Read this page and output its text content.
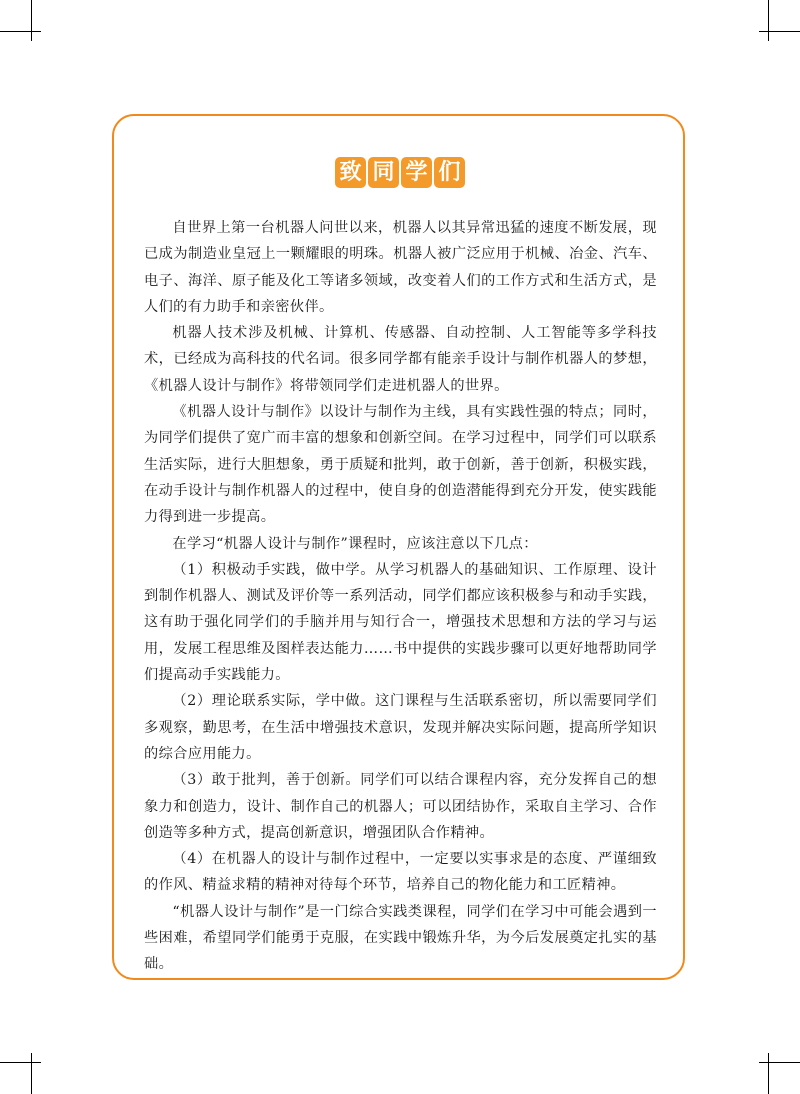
致 同 学 们

自世界上第一台机器人问世以来，机器人以其异常迅猛的速度不断发展，现已成为制造业皇冠上一颗耀眼的明珠。机器人被广泛应用于机械、冶金、汽车、电子、海洋、原子能及化工等诸多领域，改变着人们的工作方式和生活方式，是人们的有力助手和亲密伙伴。

机器人技术涉及机械、计算机、传感器、自动控制、人工智能等多学科技术，已经成为高科技的代名词。很多同学都有能亲手设计与制作机器人的梦想，《机器人设计与制作》将带领同学们走进机器人的世界。

《机器人设计与制作》以设计与制作为主线，具有实践性强的特点；同时，为同学们提供了宽广而丰富的想象和创新空间。在学习过程中，同学们可以联系生活实际，进行大胆想象，勇于质疑和批判，敢于创新，善于创新，积极实践，在动手设计与制作机器人的过程中，使自身的创造潜能得到充分开发，使实践能力得到进一步提高。

在学习“机器人设计与制作”课程时，应该注意以下几点：

（1）积极动手实践，做中学。从学习机器人的基础知识、工作原理、设计到制作机器人、测试及评价等一系列活动，同学们都应该积极参与和动手实践，这有助于强化同学们的手脑并用与知行合一，增强技术思想和方法的学习与运用，发展工程思维及图样表达能力……书中提供的实践步骤可以更好地帮助同学们提高动手实践能力。

（2）理论联系实际，学中做。这门课程与生活联系密切，所以需要同学们多观察，勤思考，在生活中增强技术意识，发现并解决实际问题，提高所学知识的综合应用能力。

（3）敢于批判，善于创新。同学们可以结合课程内容，充分发挥自己的想象力和创造力，设计、制作自己的机器人；可以团结协作，采取自主学习、合作创造等多种方式，提高创新意识，增强团队合作精神。

（4）在机器人的设计与制作过程中，一定要以实事求是的态度、严谨细致的作风、精益求精的精神对待每个环节，培养自己的物化能力和工匠精神。

“机器人设计与制作”是一门综合实践类课程，同学们在学习中可能会遇到一些困难，希望同学们能勇于克服，在实践中锻炼升华，为今后发展奠定扎实的基础。
